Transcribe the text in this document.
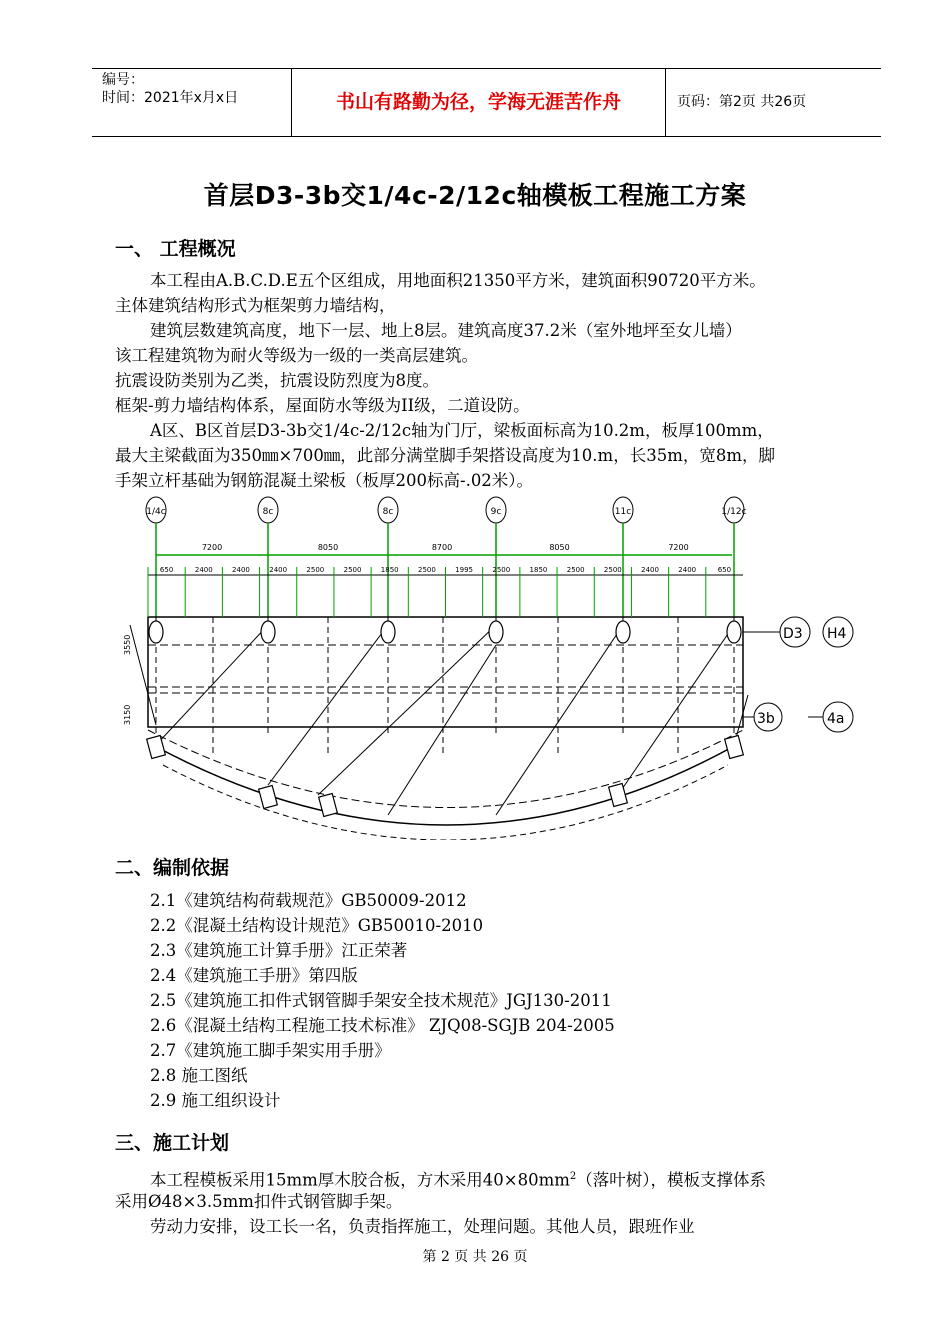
编号：
时间：2021年x月x日	书山有路勤为径，学海无涯苦作舟	页码：第2页 共26页
首层D3-3b交1/4c-2/12c轴模板工程施工方案
一、 工程概况
本工程由A.B.C.D.E五个区组成，用地面积21350平方米，建筑面积90720平方米。
主体建筑结构形式为框架剪力墙结构，
建筑层数建筑高度，地下一层、地上8层。建筑高度37.2米（室外地坪至女儿墙）
该工程建筑物为耐火等级为一级的一类高层建筑。
抗震设防类别为乙类，抗震设防烈度为8度。
框架-剪力墙结构体系，屋面防水等级为II级，二道设防。
A区、B区首层D3-3b交1/4c-2/12c轴为门厅，梁板面标高为10.2m，板厚100mm，
最大主梁截面为350㎜×700㎜，此部分满堂脚手架搭设高度为10.m，长35m，宽8m，脚
手架立杆基础为钢筋混凝土梁板（板厚200标高-.02米）。
1/4c	8c	8c	9c	11c	1/12c
7200	8050	8700	8050	7200
650	2400	2400	2400	2500	2500	1850	2500	1995	2500	1850	2500	2500	2400	2400	650
3550
3150
D3 H4
3b	4a
二、编制依据
2.1《建筑结构荷载规范》GB50009-2012
2.2《混凝土结构设计规范》GB50010-2010
2.3《建筑施工计算手册》江正荣著
2.4《建筑施工手册》第四版
2.5《建筑施工扣件式钢管脚手架安全技术规范》JGJ130-2011
2.6《混凝土结构工程施工技术标准》 ZJQ08-SGJB 204-2005
2.7《建筑施工脚手架实用手册》
2.8 施工图纸
2.9 施工组织设计
三、施工计划
本工程模板采用15mm厚木胶合板，方木采用$40\times 80mm^2$（落叶树），模板支撑体系
采用Ø48×3.5mm扣件式钢管脚手架。
劳动力安排，设工长一名，负责指挥施工，处理问题。其他人员，跟班作业
第 2 页 共 26 页
